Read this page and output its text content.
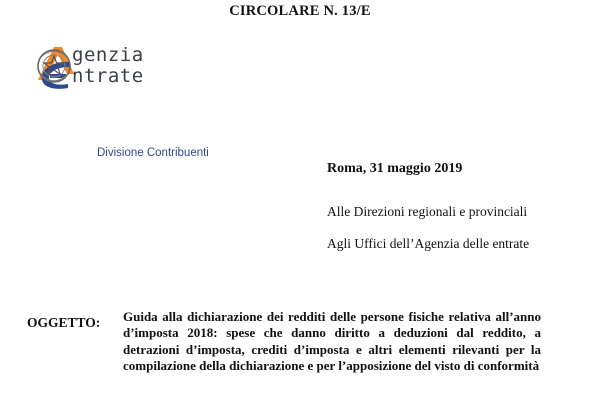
CIRCOLARE N. 13/E
genzia
ntrate
Divisione Contribuenti
Roma, 31 maggio 2019
Alle Direzioni regionali e provinciali
Agli Uffici dell’Agenzia delle entrate
OGGETTO: Guida alla dichiarazione dei redditi delle persone fisiche relativa all’anno d’imposta 2018: spese che danno diritto a deduzioni dal reddito, a detrazioni d’imposta, crediti d’imposta e altri elementi rilevanti per la compilazione della dichiarazione e per l’apposizione del visto di conformità
